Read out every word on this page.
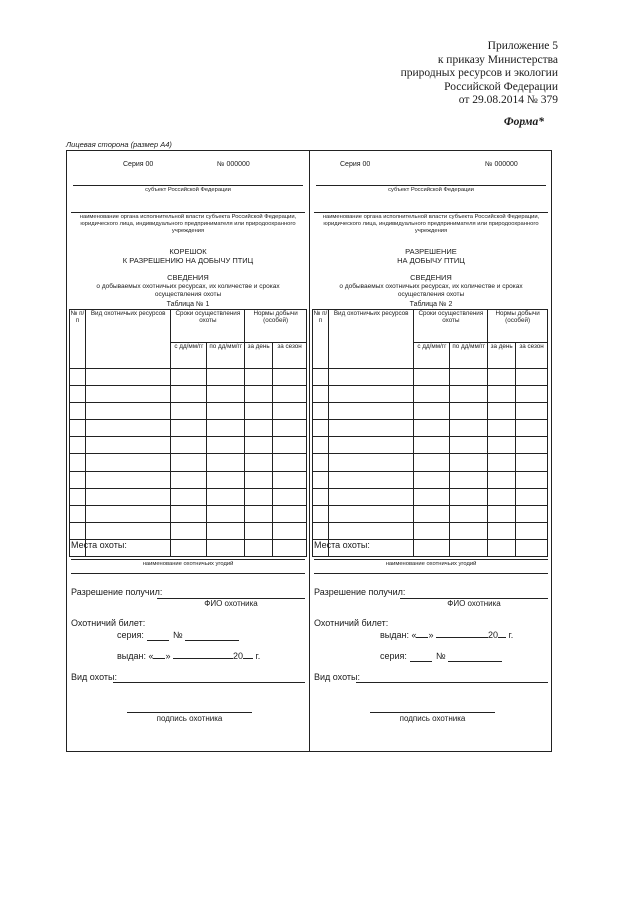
Приложение 5
к приказу Министерства
природных ресурсов и экологии
Российской Федерации
от 29.08.2014 № 379
Форма*
Лицевая сторона (размер А4)
Серия 00	№ 000000
субъект Российской Федерации
наименование органа исполнительной власти субъекта Российской Федерации, юридического лица, индивидуального предпринимателя или природоохранного учреждения
КОРЕШОК
К РАЗРЕШЕНИЮ НА ДОБЫЧУ ПТИЦ
СВЕДЕНИЯ
о добываемых охотничьих ресурсах, их количестве и сроках
осуществления охоты
Таблица № 1
№ п/п	Вид охотничьих ресурсов	Сроки осуществления охоты		Нормы добычи (особей)	
		с дд/мм/гг	по дд/мм/гг	за день	за сезон

Места охоты:
наименование охотничьих угодий
Разрешение получил:
ФИО охотника
Охотничий билет:
серия:	№
выдан: « »	20 г.
Вид охоты:
подпись охотника
Серия 00	№ 000000
субъект Российской Федерации
наименование органа исполнительной власти субъекта Российской Федерации, юридического лица, индивидуального предпринимателя или природоохранного учреждения
РАЗРЕШЕНИЕ
НА ДОБЫЧУ ПТИЦ
СВЕДЕНИЯ
о добываемых охотничьих ресурсах, их количестве и сроках
осуществления охоты
Таблица № 2
№ п/п	Вид охотничьих ресурсов	Сроки осуществления охоты		Нормы добычи (особей)	
		с дд/мм/гг	по дд/мм/гг	за день	за сезон

Места охоты:
наименование охотничьих угодий
Разрешение получил:
ФИО охотника
Охотничий билет:
выдан: « »	20 г.
серия:	№
Вид охоты:
подпись охотника
